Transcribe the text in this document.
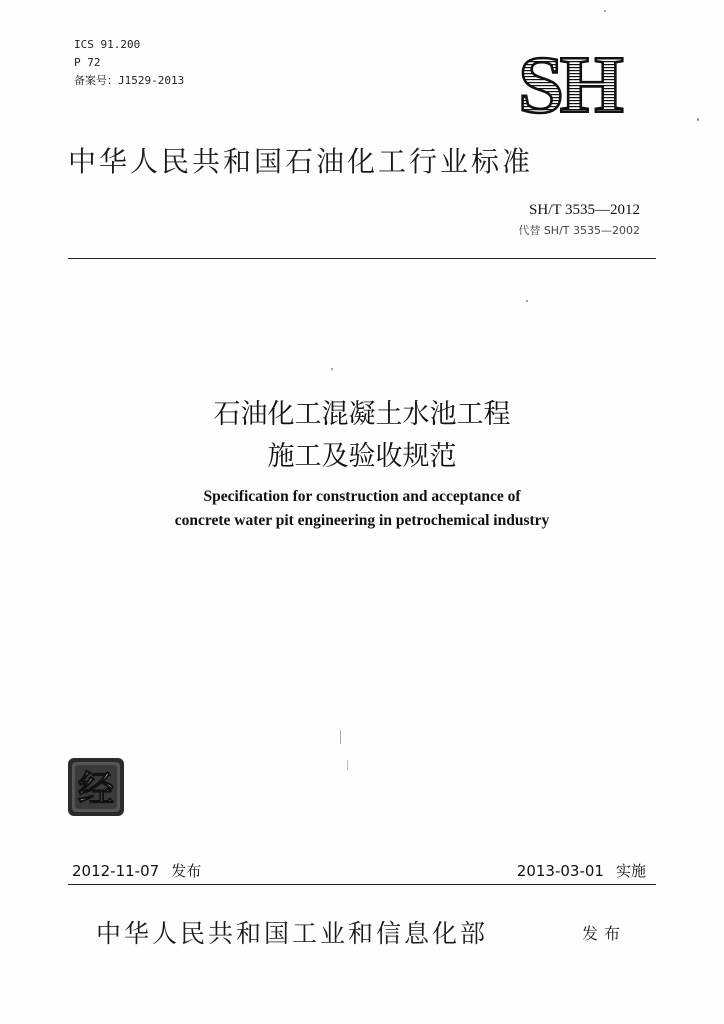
ICS 91.200
P 72
备案号：J1529-2013	SH
中华人民共和国石油化工行业标准
SH/T 3535—2012
代替 SH/T 3535—2002
石油化工混凝土水池工程
施工及验收规范
Specification for construction and acceptance of
concrete water pit engineering in petrochemical industry
经
2012-11-07 发布	2013-03-01 实施
中华人民共和国工业和信息化部	发布
